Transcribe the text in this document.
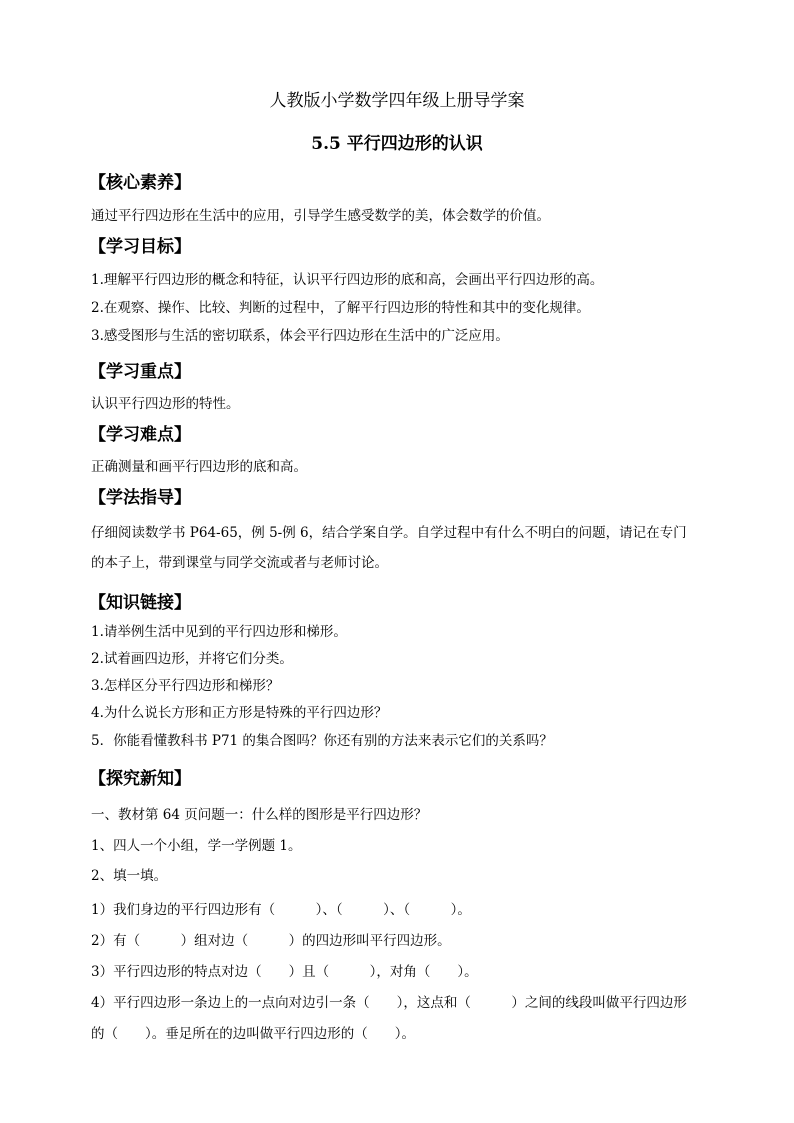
人教版小学数学四年级上册导学案
5.5 平行四边形的认识
【核心素养】
通过平行四边形在生活中的应用，引导学生感受数学的美，体会数学的价值。
【学习目标】
1.理解平行四边形的概念和特征，认识平行四边形的底和高，会画出平行四边形的高。
2.在观察、操作、比较、判断的过程中，了解平行四边形的特性和其中的变化规律。
3.感受图形与生活的密切联系，体会平行四边形在生活中的广泛应用。
【学习重点】
认识平行四边形的特性。
【学习难点】
正确测量和画平行四边形的底和高。
【学法指导】
仔细阅读数学书 P64-65，例 5-例 6，结合学案自学。自学过程中有什么不明白的问题，请记在专门
的本子上，带到课堂与同学交流或者与老师讨论。
【知识链接】
1.请举例生活中见到的平行四边形和梯形。
2.试着画四边形，并将它们分类。
3.怎样区分平行四边形和梯形？
4.为什么说长方形和正方形是特殊的平行四边形？
5．你能看懂教科书 P71 的集合图吗？你还有别的方法来表示它们的关系吗？
【探究新知】
一、教材第 64 页问题一：什么样的图形是平行四边形？
1、四人一个小组，学一学例题 1。
2、填一填。
1）我们身边的平行四边形有（　　　）、（　　　）、（　　　）。
2）有（　　　）组对边（　　　）的四边形叫平行四边形。
3）平行四边形的特点对边（　　）且（　　　），对角（　　）。
4）平行四边形一条边上的一点向对边引一条（　　），这点和（　　　）之间的线段叫做平行四边形
的（　　）。垂足所在的边叫做平行四边形的（　　）。
